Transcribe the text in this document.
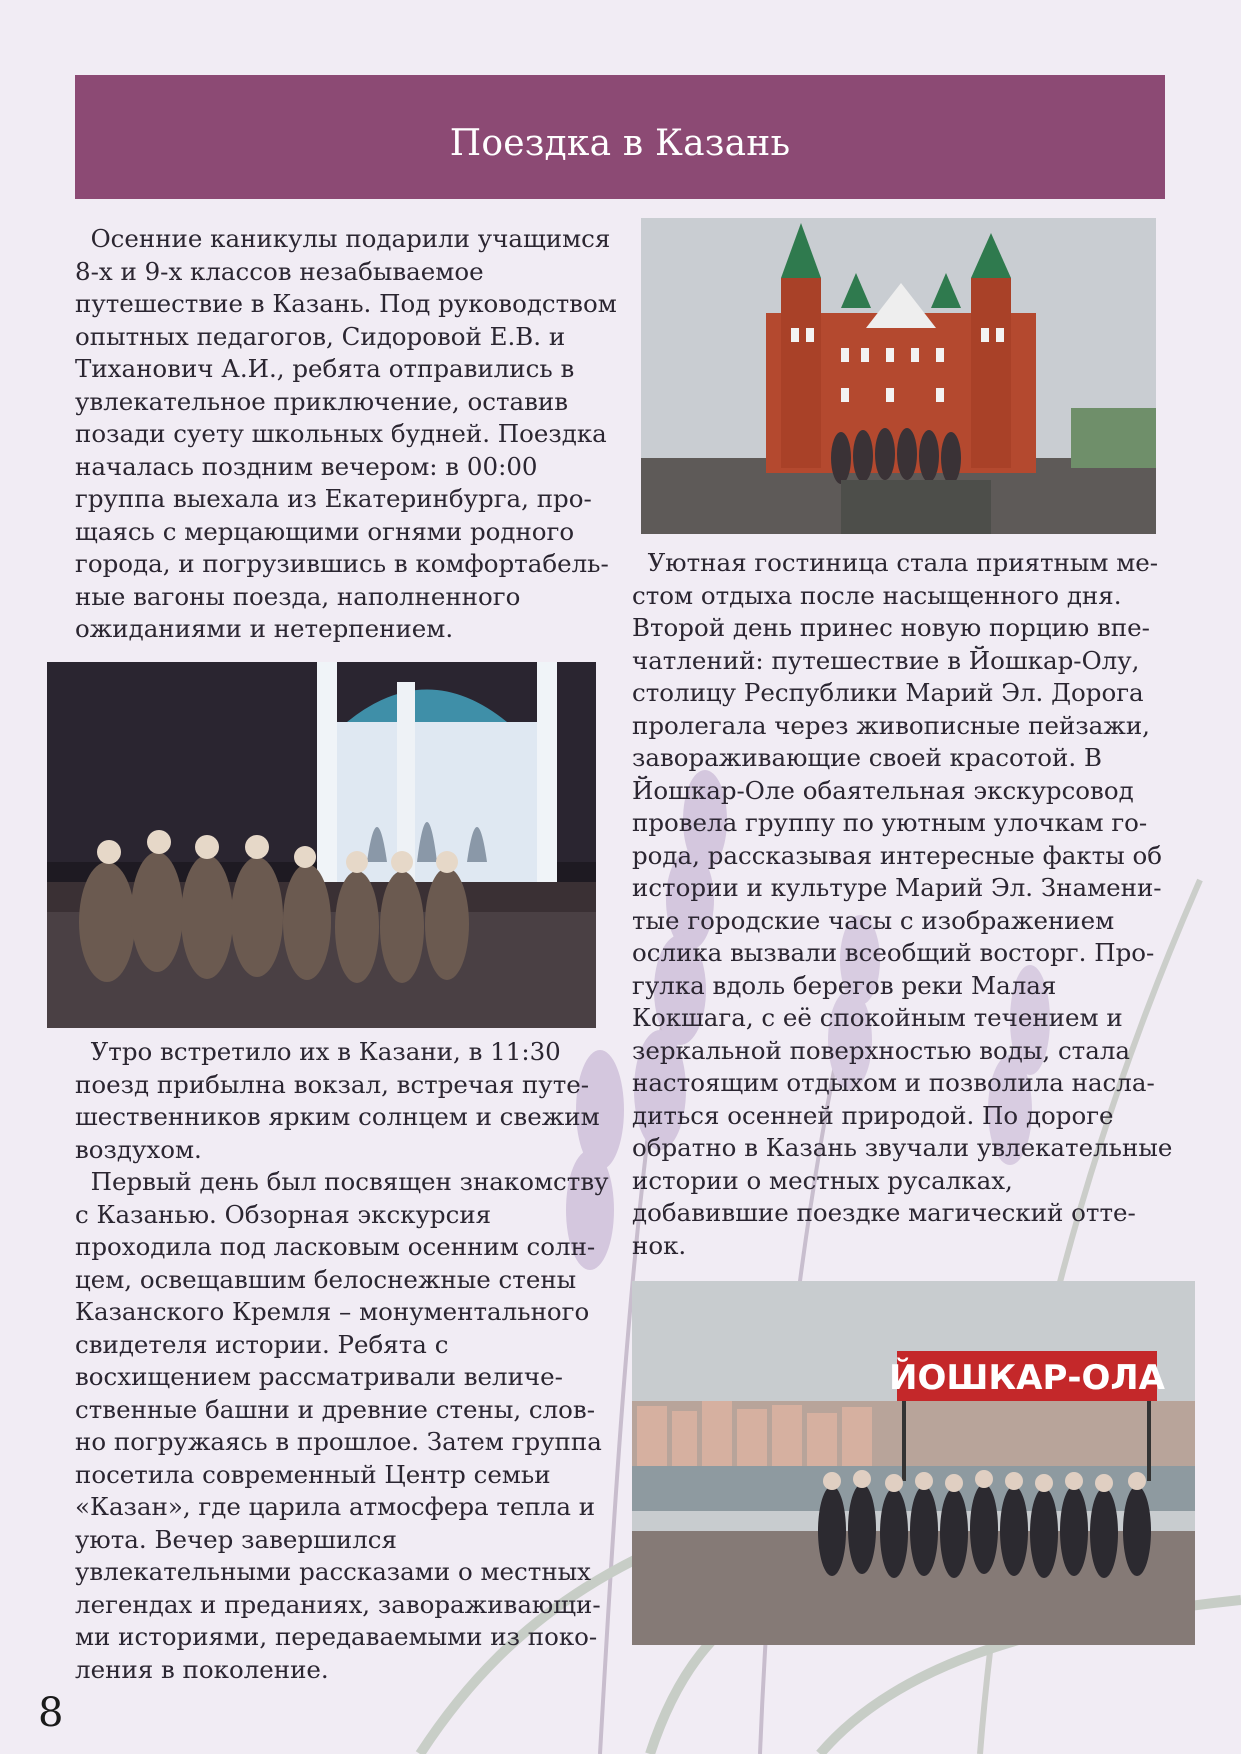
Поездка в Казань
Осенние каникулы подарили учащимся
8-х и 9-х классов незабываемое
путешествие в Казань. Под руководством
опытных педагогов, Сидоровой Е.В. и
Тиханович А.И., ребята отправились в
увлекательное приключение, оставив
позади суету школьных будней. Поездка
началась поздним вечером: в 00:00
группа выехала из Екатеринбурга, про-
щаясь с мерцающими огнями родного
города, и погрузившись в комфортабель-
ные вагоны поезда, наполненного
ожиданиями и нетерпением.
Утро встретило их в Казани, в 11:30
поезд прибылна вокзал, встречая путе-
шественников ярким солнцем и свежим
воздухом.
Первый день был посвящен знакомству
с Казанью. Обзорная экскурсия
проходила под ласковым осенним солн-
цем, освещавшим белоснежные стены
Казанского Кремля – монументального
свидетеля истории. Ребята с
восхищением рассматривали величе-
ственные башни и древние стены, слов-
но погружаясь в прошлое. Затем группа
посетила современный Центр семьи
«Казан», где царила атмосфера тепла и
уюта. Вечер завершился
увлекательными рассказами о местных
легендах и преданиях, завораживающи-
ми историями, передаваемыми из поко-
ления в поколение.
Уютная гостиница стала приятным ме-
стом отдыха после насыщенного дня.
Второй день принес новую порцию впе-
чатлений: путешествие в Йошкар-Олу,
столицу Республики Марий Эл. Дорога
пролегала через живописные пейзажи,
завораживающие своей красотой. В
Йошкар-Оле обаятельная экскурсовод
провела группу по уютным улочкам го-
рода, рассказывая интересные факты об
истории и культуре Марий Эл. Знамени-
тые городские часы с изображением
ослика вызвали всеобщий восторг. Про-
гулка вдоль берегов реки Малая
Кокшага, с её спокойным течением и
зеркальной поверхностью воды, стала
настоящим отдыхом и позволила насла-
диться осенней природой. По дороге
обратно в Казань звучали увлекательные
истории о местных русалках,
добавившие поездке магический отте-
нок.
ЙОШКАР-ОЛА
8
